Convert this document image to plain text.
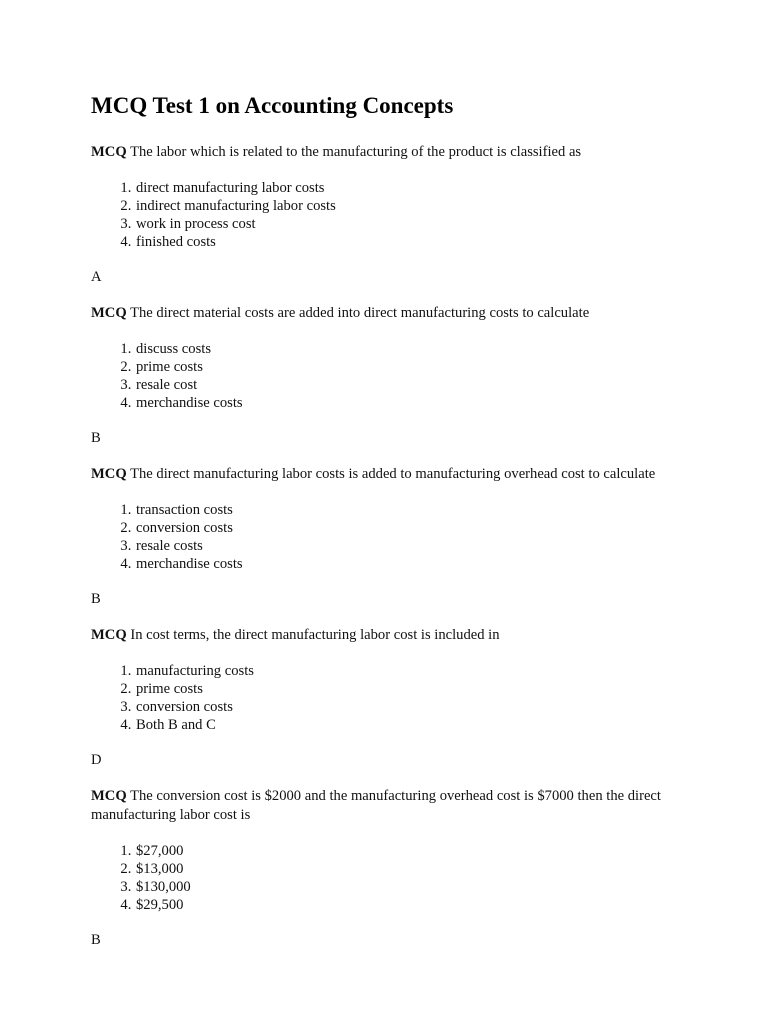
MCQ Test 1 on Accounting Concepts

MCQ The labor which is related to the manufacturing of the product is classified as

1. direct manufacturing labor costs
2. indirect manufacturing labor costs
3. work in process cost
4. finished costs

A

MCQ The direct material costs are added into direct manufacturing costs to calculate

1. discuss costs
2. prime costs
3. resale cost
4. merchandise costs

B

MCQ The direct manufacturing labor costs is added to manufacturing overhead cost to calculate

1. transaction costs
2. conversion costs
3. resale costs
4. merchandise costs

B

MCQ In cost terms, the direct manufacturing labor cost is included in

1. manufacturing costs
2. prime costs
3. conversion costs
4. Both B and C

D

MCQ The conversion cost is $2000 and the manufacturing overhead cost is $7000 then the direct manufacturing labor cost is

1. $27,000
2. $13,000
3. $130,000
4. $29,500

B
